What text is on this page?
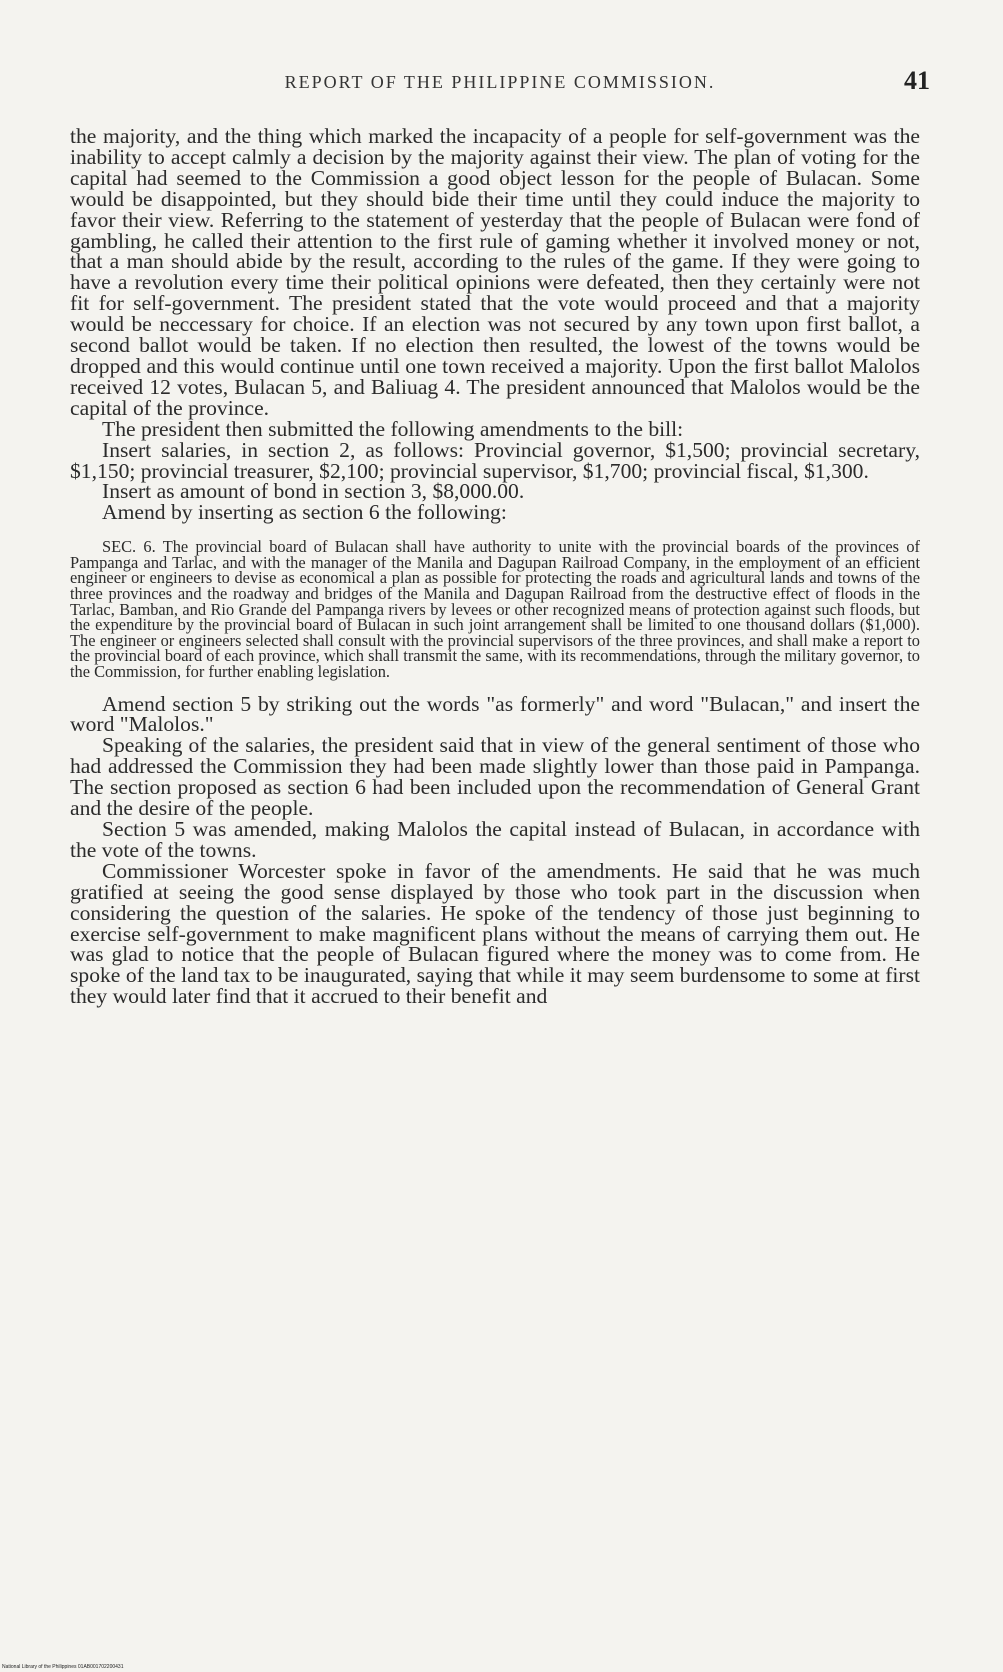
REPORT OF THE PHILIPPINE COMMISSION.	41

the majority, and the thing which marked the incapacity of a people for self-government was the inability to accept calmly a decision by the majority against their view. The plan of voting for the capital had seemed to the Commission a good object lesson for the people of Bulacan. Some would be disappointed, but they should bide their time until they could induce the majority to favor their view. Referring to the statement of yesterday that the people of Bulacan were fond of gambling, he called their attention to the first rule of gaming whether it involved money or not, that a man should abide by the result, according to the rules of the game. If they were going to have a revolution every time their political opinions were defeated, then they certainly were not fit for self-government. The president stated that the vote would proceed and that a majority would be neccessary for choice. If an election was not secured by any town upon first ballot, a second ballot would be taken. If no election then resulted, the lowest of the towns would be dropped and this would continue until one town received a majority. Upon the first ballot Malolos received 12 votes, Bulacan 5, and Baliuag 4. The president announced that Malolos would be the capital of the province.

The president then submitted the following amendments to the bill:

Insert salaries, in section 2, as follows: Provincial governor, $1,500; provincial secretary, $1,150; provincial treasurer, $2,100; provincial supervisor, $1,700; provincial fiscal, $1,300.

Insert as amount of bond in section 3, $8,000.00.

Amend by inserting as section 6 the following:

SEC. 6. The provincial board of Bulacan shall have authority to unite with the provincial boards of the provinces of Pampanga and Tarlac, and with the manager of the Manila and Dagupan Railroad Company, in the employment of an efficient engineer or engineers to devise as economical a plan as possible for protecting the roads and agricultural lands and towns of the three provinces and the roadway and bridges of the Manila and Dagupan Railroad from the destructive effect of floods in the Tarlac, Bamban, and Rio Grande del Pampanga rivers by levees or other recognized means of protection against such floods, but the expenditure by the provincial board of Bulacan in such joint arrangement shall be limited to one thousand dollars ($1,000). The engineer or engineers selected shall consult with the provincial supervisors of the three provinces, and shall make a report to the provincial board of each province, which shall transmit the same, with its recommendations, through the military governor, to the Commission, for further enabling legislation.

Amend section 5 by striking out the words "as formerly" and word "Bulacan," and insert the word "Malolos."

Speaking of the salaries, the president said that in view of the general sentiment of those who had addressed the Commission they had been made slightly lower than those paid in Pampanga. The section proposed as section 6 had been included upon the recommendation of General Grant and the desire of the people.

Section 5 was amended, making Malolos the capital instead of Bulacan, in accordance with the vote of the towns.

Commissioner Worcester spoke in favor of the amendments. He said that he was much gratified at seeing the good sense displayed by those who took part in the discussion when considering the question of the salaries. He spoke of the tendency of those just beginning to exercise self-government to make magnificent plans without the means of carrying them out. He was glad to notice that the people of Bulacan figured where the money was to come from. He spoke of the land tax to be inaugurated, saying that while it may seem burdensome to some at first they would later find that it accrued to their benefit and

National Library of the Philippines 01AB001702200431
